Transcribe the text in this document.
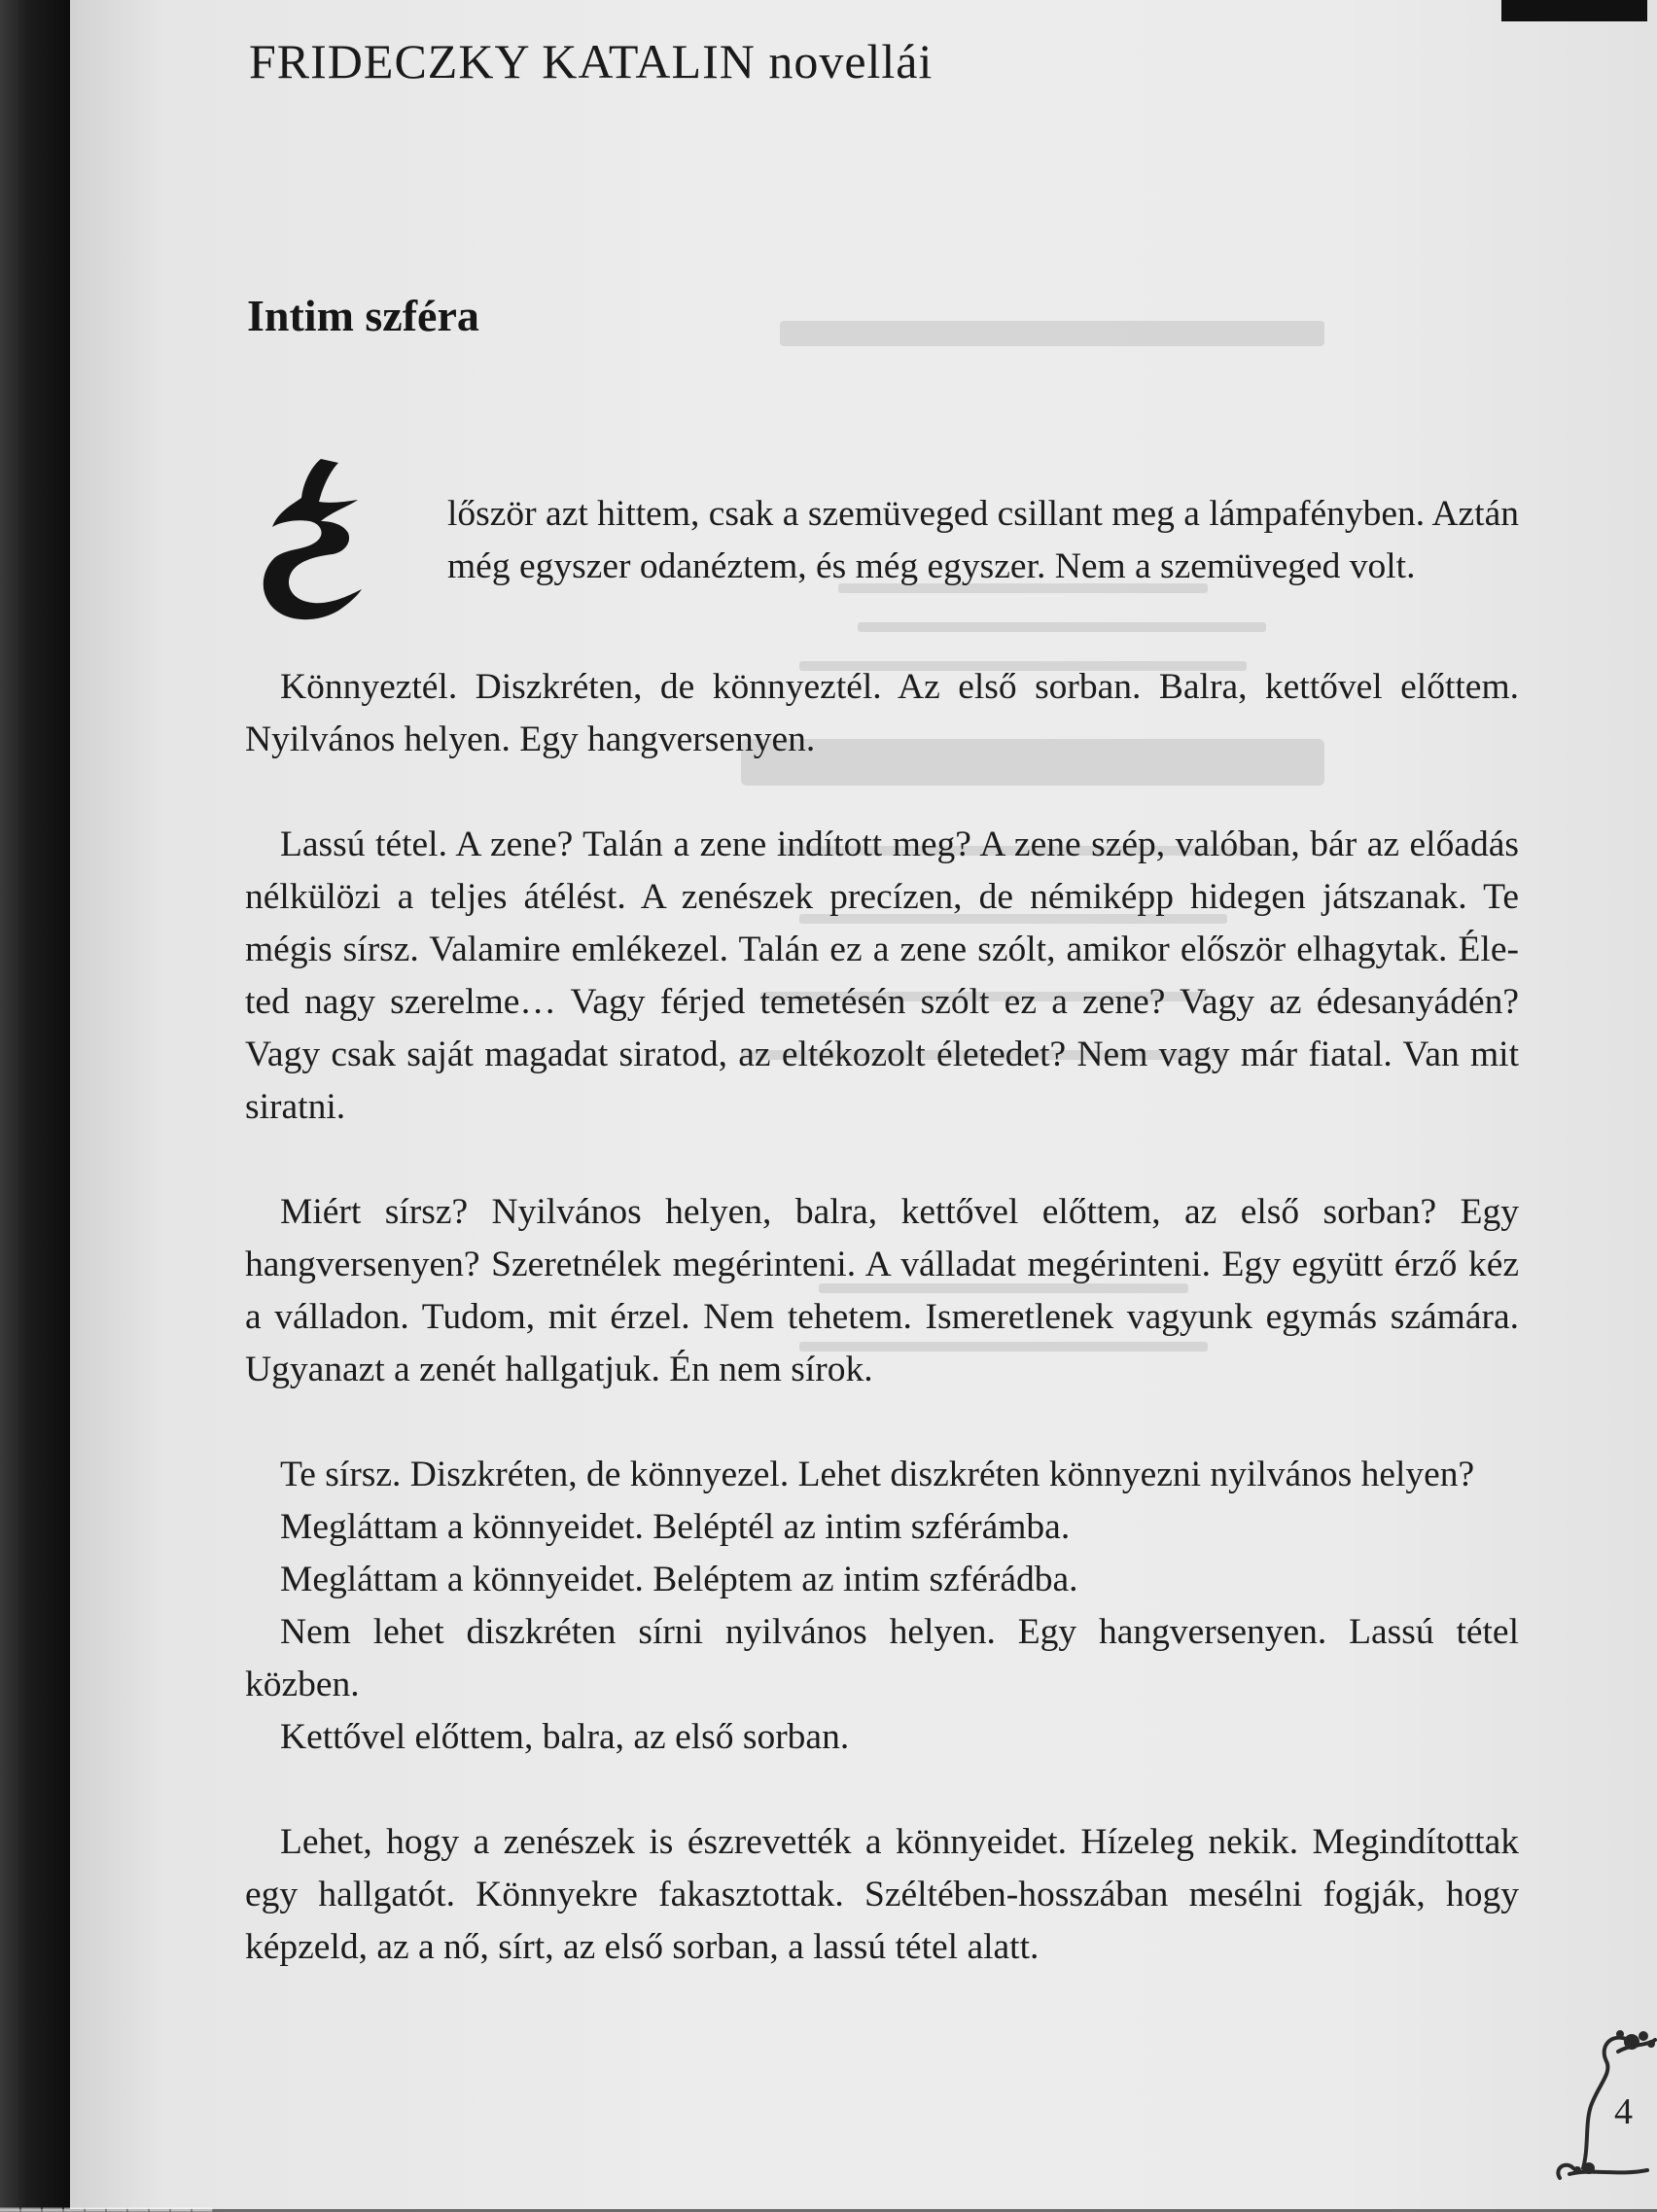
FRIDECZKY KATALIN novellái
Intim szféra

lőször azt hittem, csak a szemüveged csillant meg a lámpafényben. Aztán még egyszer odanéztem, és még egyszer. Nem a szemüveged volt.

Könnyeztél. Diszkréten, de könnyeztél. Az első sorban. Balra, kettővel előttem. Nyilvános helyen. Egy hangversenyen.

Lassú tétel. A zene? Talán a zene indított meg? A zene szép, valóban, bár az előadás nélkülözi a teljes átélést. A zenészek precízen, de némiképp hidegen játszanak. Te mégis sírsz. Valamire emlékezel. Talán ez a zene szólt, amikor először elhagytak. Életed nagy szerelme… Vagy férjed temetésén szólt ez a zene? Vagy az édesanyádén? Vagy csak saját magadat siratod, az eltékozolt életedet? Nem vagy már fiatal. Van mit siratni.

Miért sírsz? Nyilvános helyen, balra, kettővel előttem, az első sorban? Egy hangversenyen? Szeretnélek megérinteni. A válladat megérinteni. Egy együtt érző kéz a válladon. Tudom, mit érzel. Nem tehetem. Ismeretlenek vagyunk egymás számára. Ugyanazt a zenét hallgatjuk. Én nem sírok.

Te sírsz. Diszkréten, de könnyezel. Lehet diszkréten könnyezni nyilvános helyen?

Megláttam a könnyeidet. Beléptél az intim szférámba.

Megláttam a könnyeidet. Beléptem az intim szférádba.

Nem lehet diszkréten sírni nyilvános helyen. Egy hangversenyen. Lassú tétel közben.

Kettővel előttem, balra, az első sorban.

Lehet, hogy a zenészek is észrevették a könnyeidet. Hízeleg nekik. Megindítottak egy hallgatót. Könnyekre fakasztottak. Széltében-hosszában mesélni fogják, hogy képzeld, az a nő, sírt, az első sorban, a lassú tétel alatt.

4
▁▁▁▁▁▁▁▁▁▁
